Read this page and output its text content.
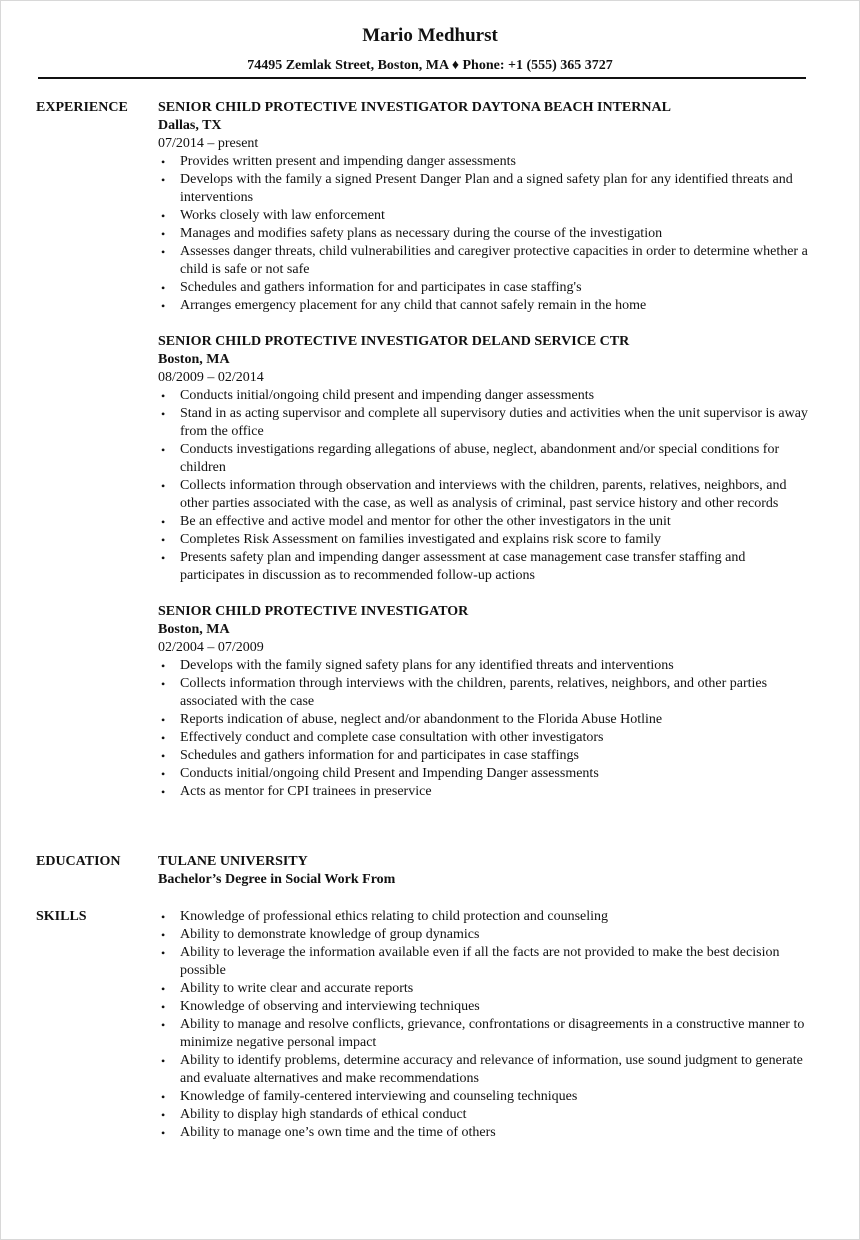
Mario Medhurst
74495 Zemlak Street, Boston, MA ♦ Phone: +1 (555) 365 3727
EXPERIENCE SENIOR CHILD PROTECTIVE INVESTIGATOR DAYTONA BEACH INTERNAL
Dallas, TX
07/2014 – present
• Provides written present and impending danger assessments
• Develops with the family a signed Present Danger Plan and a signed safety plan for any identified threats and interventions
• Works closely with law enforcement
• Manages and modifies safety plans as necessary during the course of the investigation
• Assesses danger threats, child vulnerabilities and caregiver protective capacities in order to determine whether a child is safe or not safe
• Schedules and gathers information for and participates in case staffing's
• Arranges emergency placement for any child that cannot safely remain in the home
SENIOR CHILD PROTECTIVE INVESTIGATOR DELAND SERVICE CTR
Boston, MA
08/2009 – 02/2014
• Conducts initial/ongoing child present and impending danger assessments
• Stand in as acting supervisor and complete all supervisory duties and activities when the unit supervisor is away from the office
• Conducts investigations regarding allegations of abuse, neglect, abandonment and/or special conditions for children
• Collects information through observation and interviews with the children, parents, relatives, neighbors, and other parties associated with the case, as well as analysis of criminal, past service history and other records
• Be an effective and active model and mentor for other the other investigators in the unit
• Completes Risk Assessment on families investigated and explains risk score to family
• Presents safety plan and impending danger assessment at case management case transfer staffing and participates in discussion as to recommended follow-up actions
SENIOR CHILD PROTECTIVE INVESTIGATOR
Boston, MA
02/2004 – 07/2009
• Develops with the family signed safety plans for any identified threats and interventions
• Collects information through interviews with the children, parents, relatives, neighbors, and other parties associated with the case
• Reports indication of abuse, neglect and/or abandonment to the Florida Abuse Hotline
• Effectively conduct and complete case consultation with other investigators
• Schedules and gathers information for and participates in case staffings
• Conducts initial/ongoing child Present and Impending Danger assessments
• Acts as mentor for CPI trainees in preservice
EDUCATION	TULANE UNIVERSITY
Bachelor’s Degree in Social Work From
SKILLS	• Knowledge of professional ethics relating to child protection and counseling
• Ability to demonstrate knowledge of group dynamics
• Ability to leverage the information available even if all the facts are not provided to make the best decision possible
• Ability to write clear and accurate reports
• Knowledge of observing and interviewing techniques
• Ability to manage and resolve conflicts, grievance, confrontations or disagreements in a constructive manner to minimize negative personal impact
• Ability to identify problems, determine accuracy and relevance of information, use sound judgment to generate and evaluate alternatives and make recommendations
• Knowledge of family-centered interviewing and counseling techniques
• Ability to display high standards of ethical conduct
• Ability to manage one’s own time and the time of others
